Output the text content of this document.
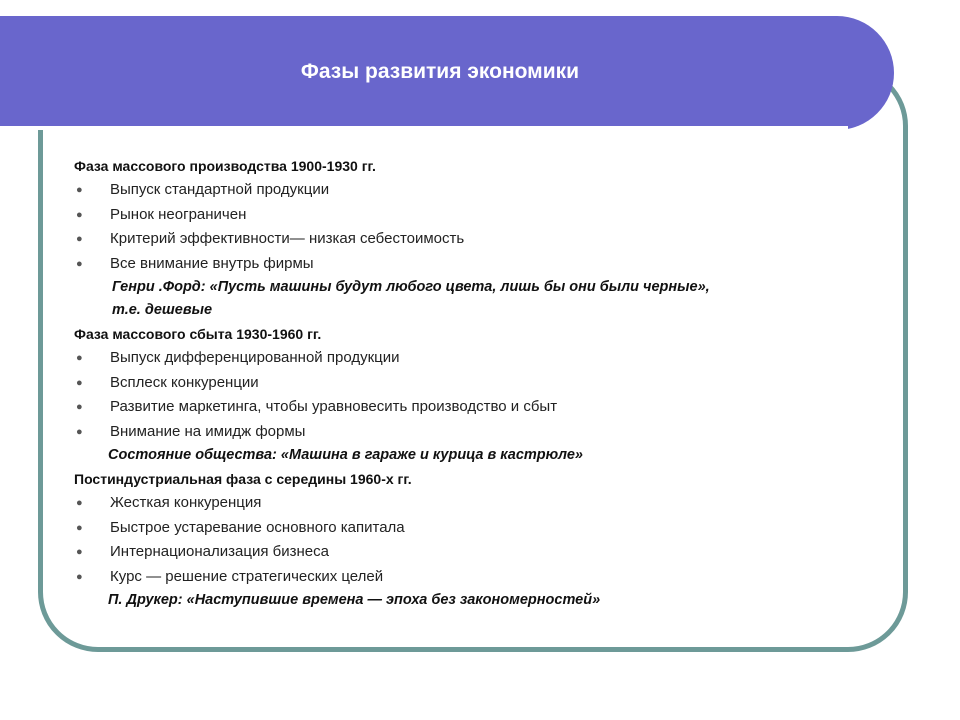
Фазы развития экономики
Фаза массового производства 1900-1930 гг.
● Выпуск стандартной продукции
● Рынок неограничен
● Критерий эффективности— низкая себестоимость
● Все внимание внутрь фирмы
Генри .Форд: «Пусть машины будут любого цвета, лишь бы они были черные»,
т.е. дешевые
Фаза массового сбыта 1930-1960 гг.
● Выпуск дифференцированной продукции
● Всплеск конкуренции
● Развитие маркетинга, чтобы уравновесить производство и сбыт
● Внимание на имидж формы
Состояние общества: «Машина в гараже и курица в кастрюле»
Постиндустриальная фаза с середины 1960-х гг.
● Жесткая конкуренция
● Быстрое устаревание основного капитала
● Интернационализация бизнеса
● Курс — решение стратегических целей
П. Друкер: «Наступившие времена — эпоха без закономерностей»
